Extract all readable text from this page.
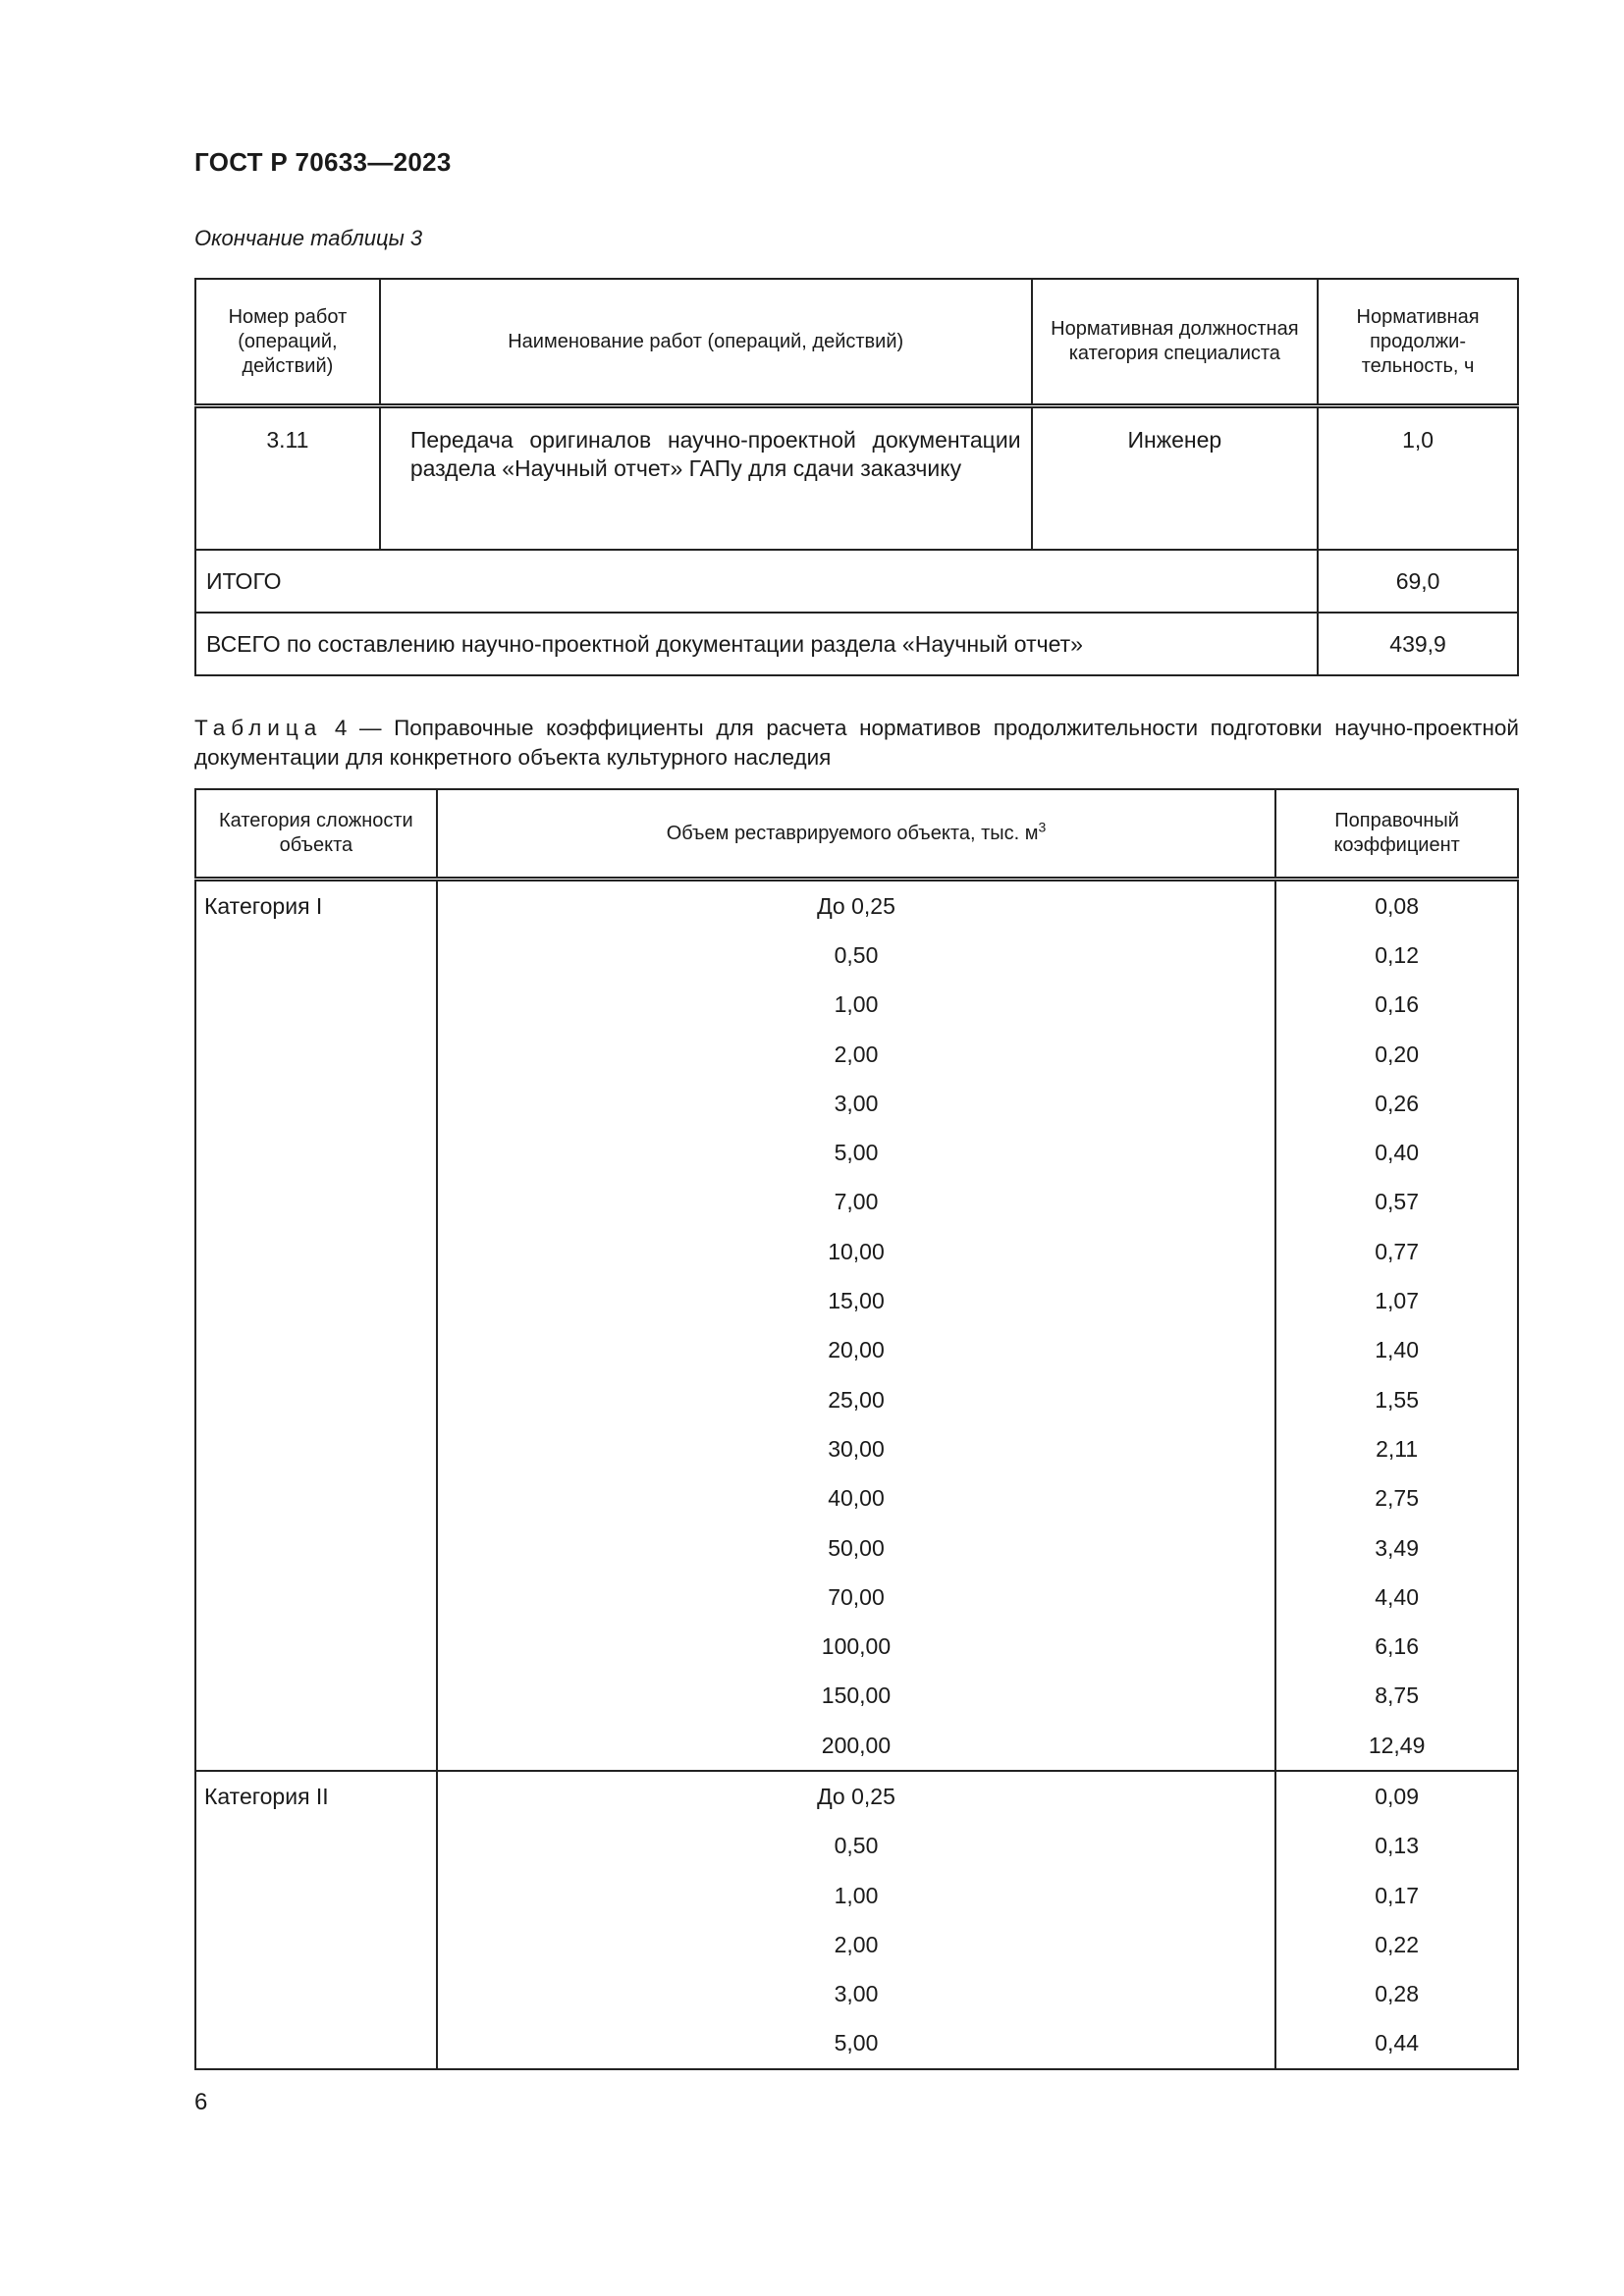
ГОСТ Р 70633—2023
Окончание таблицы 3
Номер работ (операций, действий)	Наименование работ (операций, действий)	Нормативная должностная категория специалиста	Нормативная продолжи-тельность, ч
3.11	Передача оригиналов научно-проектной документации раздела «Научный отчет» ГАПу для сдачи заказчику	Инженер	1,0
ИТОГО			69,0
ВСЕГО по составлению научно-проектной документации раздела «Научный отчет»			439,9
Таблица 4 — Поправочные коэффициенты для расчета нормативов продолжительности подготовки научно-проектной документации для конкретного объекта культурного наследия
Категория сложности объекта	Объем реставрируемого объекта, тыс. $м^3$	Поправочный коэффициент
Категория I	До 0,25	0,08
	0,50	0,12
	1,00	0,16
	2,00	0,20
	3,00	0,26
	5,00	0,40
	7,00	0,57
	10,00	0,77
	15,00	1,07
	20,00	1,40
	25,00	1,55
	30,00	2,11
	40,00	2,75
	50,00	3,49
	70,00	4,40
	100,00	6,16
	150,00	8,75
	200,00	12,49
Категория II	До 0,25	0,09
	0,50	0,13
	1,00	0,17
	2,00	0,22
	3,00	0,28
	5,00	0,44
6
